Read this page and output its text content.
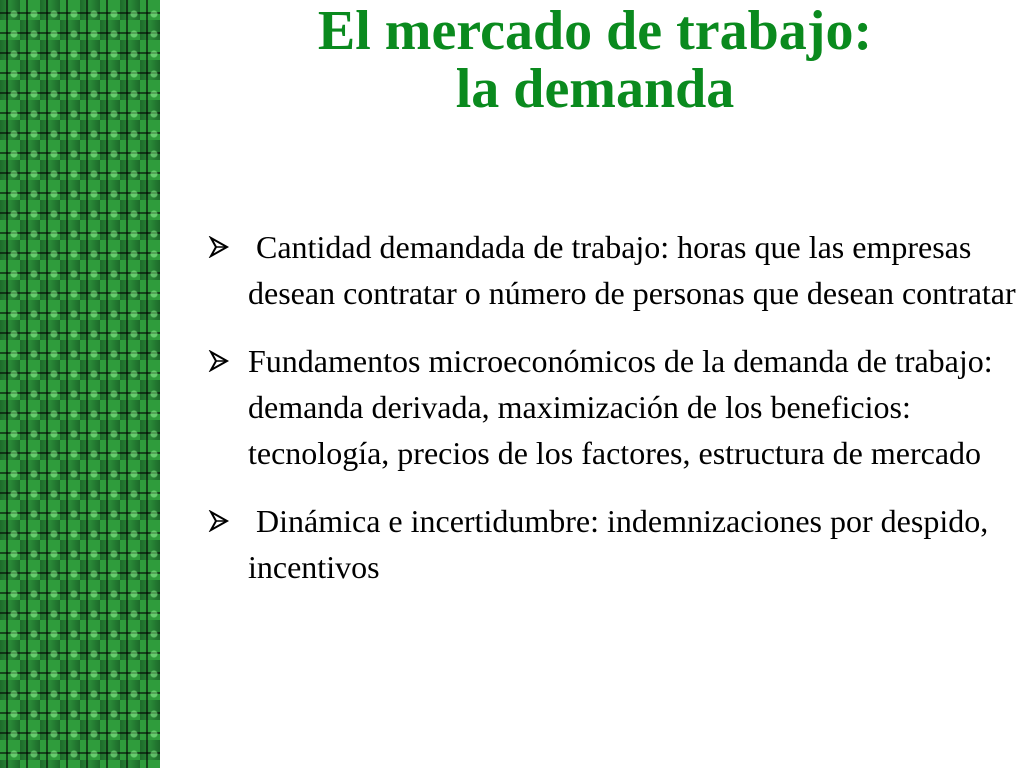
El mercado de trabajo:
la demanda
Cantidad demandada de trabajo: horas que las empresas desean contratar o número de personas que desean contratar
Fundamentos microeconómicos de la demanda de trabajo: demanda derivada, maximización de los beneficios: tecnología, precios de los factores, estructura de mercado
Dinámica e incertidumbre: indemnizaciones por despido, incentivos
